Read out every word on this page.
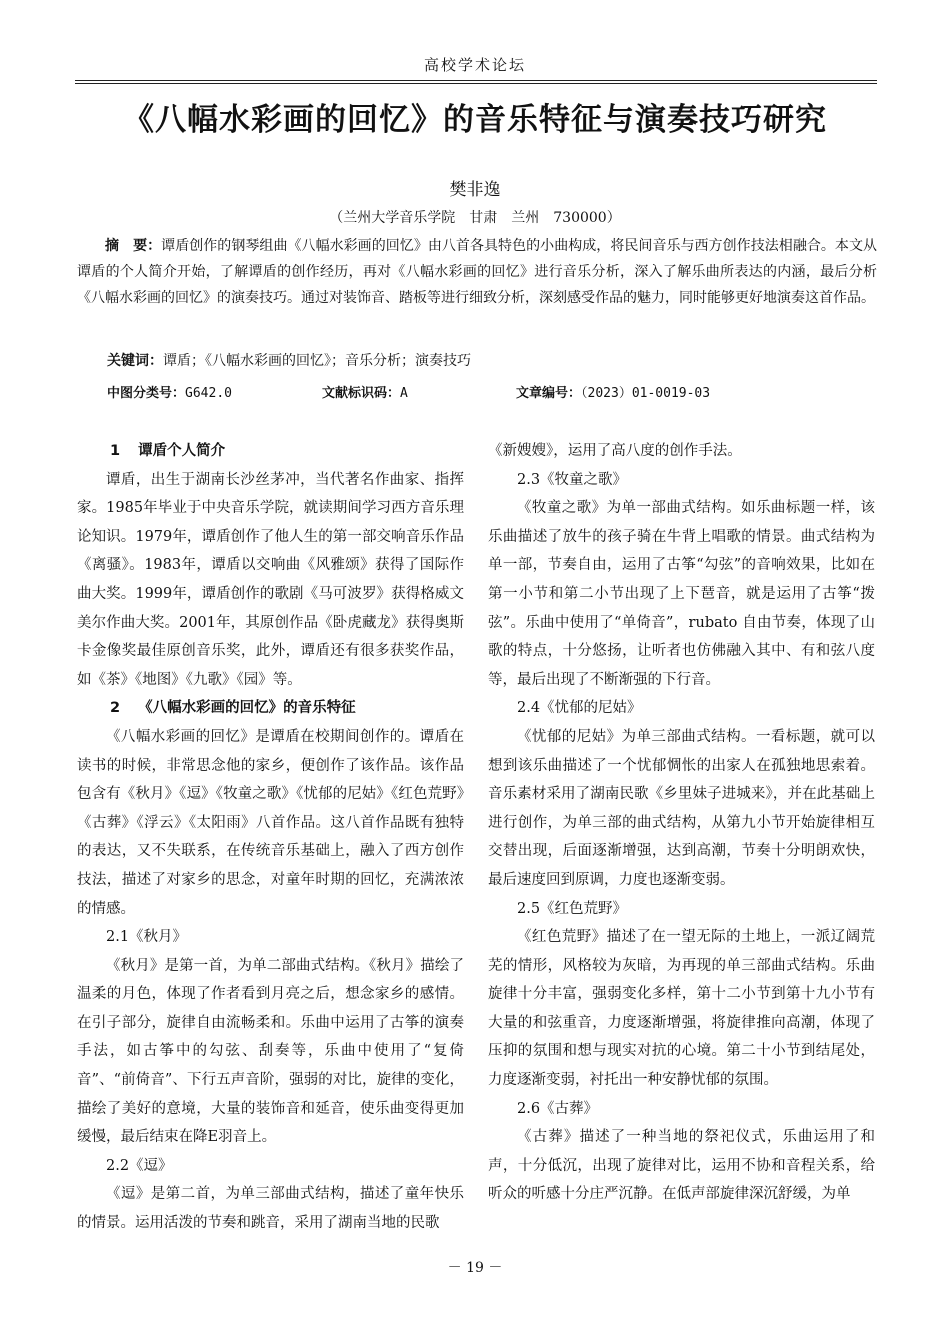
高校学术论坛
《八幅水彩画的回忆》的音乐特征与演奏技巧研究
樊非逸
（兰州大学音乐学院　甘肃　兰州　730000）
摘　要：谭盾创作的钢琴组曲《八幅水彩画的回忆》由八首各具特色的小曲构成，将民间音乐与西方创作技法相融合。本文从谭盾的个人简介开始，了解谭盾的创作经历，再对《八幅水彩画的回忆》进行音乐分析，深入了解乐曲所表达的内涵，最后分析《八幅水彩画的回忆》的演奏技巧。通过对装饰音、踏板等进行细致分析，深刻感受作品的魅力，同时能够更好地演奏这首作品。
关键词：谭盾；《八幅水彩画的回忆》；音乐分析；演奏技巧
中图分类号：G642.0	文献标识码：A	文章编号：（2023）01-0019-03
1 谭盾个人简介

谭盾，出生于湖南长沙丝茅冲，当代著名作曲家、指挥家。1985年毕业于中央音乐学院，就读期间学习西方音乐理论知识。1979年，谭盾创作了他人生的第一部交响音乐作品《离骚》。1983年，谭盾以交响曲《风雅颂》获得了国际作曲大奖。1999年，谭盾创作的歌剧《马可波罗》获得格威文美尔作曲大奖。2001年，其原创作品《卧虎藏龙》获得奥斯卡金像奖最佳原创音乐奖，此外，谭盾还有很多获奖作品，如《茶》《地图》《九歌》《园》等。

2 《八幅水彩画的回忆》的音乐特征

《八幅水彩画的回忆》是谭盾在校期间创作的。谭盾在读书的时候，非常思念他的家乡，便创作了该作品。该作品包含有《秋月》《逗》《牧童之歌》《忧郁的尼姑》《红色荒野》《古葬》《浮云》《太阳雨》八首作品。这八首作品既有独特的表达，又不失联系，在传统音乐基础上，融入了西方创作技法，描述了对家乡的思念，对童年时期的回忆，充满浓浓的情感。

2.1《秋月》

《秋月》是第一首，为单二部曲式结构。《秋月》描绘了温柔的月色，体现了作者看到月亮之后，想念家乡的感情。在引子部分，旋律自由流畅柔和。乐曲中运用了古筝的演奏手法，如古筝中的勾弦、刮奏等，乐曲中使用了“复倚音”、“前倚音”、下行五声音阶，强弱的对比，旋律的变化，描绘了美好的意境，大量的装饰音和延音，使乐曲变得更加缓慢，最后结束在降E羽音上。

2.2《逗》

《逗》是第二首，为单三部曲式结构，描述了童年快乐的情景。运用活泼的节奏和跳音，采用了湖南当地的民歌

《新嫂嫂》，运用了高八度的创作手法。

2.3《牧童之歌》

《牧童之歌》为单一部曲式结构。如乐曲标题一样，该乐曲描述了放牛的孩子骑在牛背上唱歌的情景。曲式结构为单一部，节奏自由，运用了古筝“勾弦”的音响效果，比如在第一小节和第二小节出现了上下琶音，就是运用了古筝“拨弦”。乐曲中使用了“单倚音”，rubato 自由节奏，体现了山歌的特点，十分悠扬，让听者也仿佛融入其中、有和弦八度等，最后出现了不断渐强的下行音。

2.4《忧郁的尼姑》

《忧郁的尼姑》为单三部曲式结构。一看标题，就可以想到该乐曲描述了一个忧郁惆怅的出家人在孤独地思索着。音乐素材采用了湖南民歌《乡里妹子进城来》，并在此基础上进行创作，为单三部的曲式结构，从第九小节开始旋律相互交替出现，后面逐渐增强，达到高潮，节奏十分明朗欢快，最后速度回到原调，力度也逐渐变弱。

2.5《红色荒野》

《红色荒野》描述了在一望无际的土地上，一派辽阔荒芜的情形，风格较为灰暗，为再现的单三部曲式结构。乐曲旋律十分丰富，强弱变化多样，第十二小节到第十九小节有大量的和弦重音，力度逐渐增强，将旋律推向高潮，体现了压抑的氛围和想与现实对抗的心境。第二十小节到结尾处，力度逐渐变弱，衬托出一种安静忧郁的氛围。

2.6《古葬》

《古葬》描述了一种当地的祭祀仪式，乐曲运用了和声，十分低沉，出现了旋律对比，运用不协和音程关系，给听众的听感十分庄严沉静。在低声部旋律深沉舒缓，为单

－ 19 －
